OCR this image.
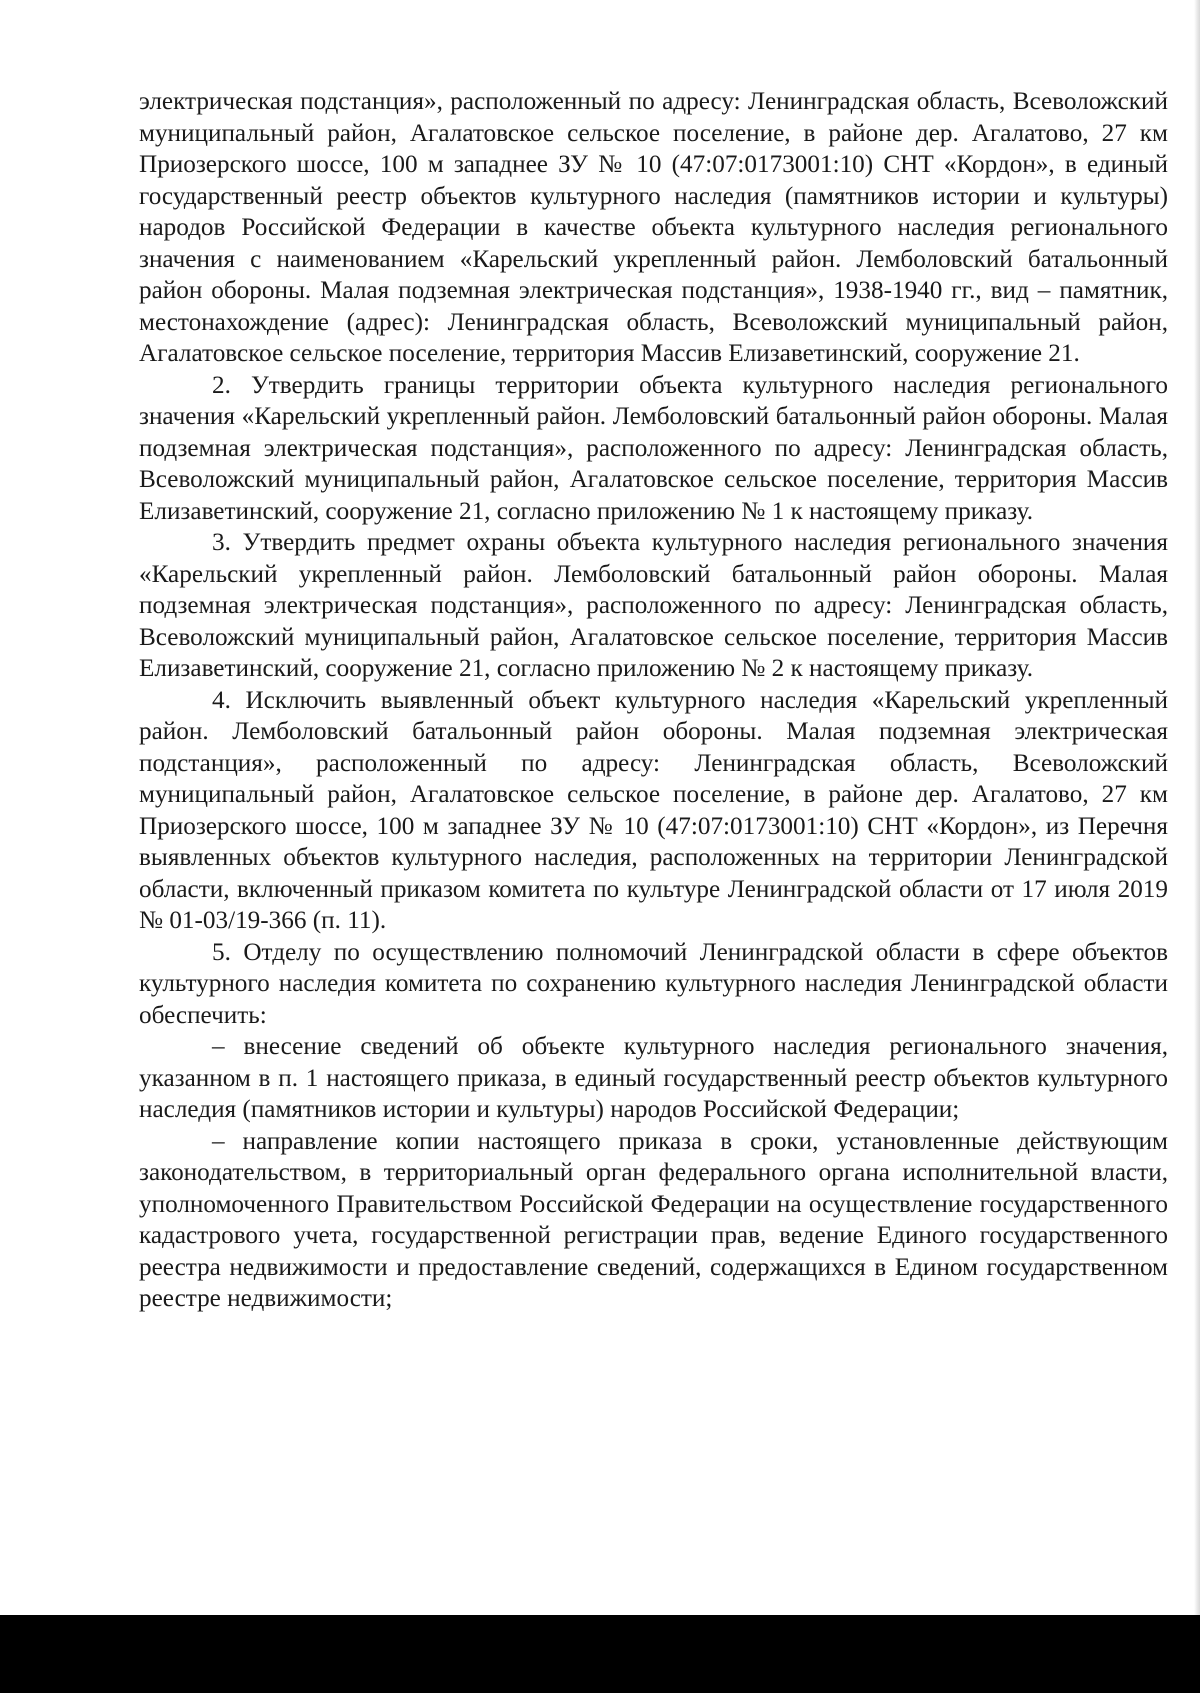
электрическая подстанция», расположенный по адресу: Ленинградская область, Всеволожский муниципальный район, Агалатовское сельское поселение, в районе дер. Агалатово, 27 км Приозерского шоссе, 100 м западнее ЗУ № 10 (47:07:0173001:10) СНТ «Кордон», в единый государственный реестр объектов культурного наследия (памятников истории и культуры) народов Российской Федерации в качестве объекта культурного наследия регионального значения с наименованием «Карельский укрепленный район. Лемболовский батальонный район обороны. Малая подземная электрическая подстанция», 1938-1940 гг., вид – памятник, местонахождение (адрес): Ленинградская область, Всеволожский муниципальный район, Агалатовское сельское поселение, территория Массив Елизаветинский, сооружение 21.

2. Утвердить границы территории объекта культурного наследия регионального значения «Карельский укрепленный район. Лемболовский батальонный район обороны. Малая подземная электрическая подстанция», расположенного по адресу: Ленинградская область, Всеволожский муниципальный район, Агалатовское сельское поселение, территория Массив Елизаветинский, сооружение 21, согласно приложению № 1 к настоящему приказу.

3. Утвердить предмет охраны объекта культурного наследия регионального значения «Карельский укрепленный район. Лемболовский батальонный район обороны. Малая подземная электрическая подстанция», расположенного по адресу: Ленинградская область, Всеволожский муниципальный район, Агалатовское сельское поселение, территория Массив Елизаветинский, сооружение 21, согласно приложению № 2 к настоящему приказу.

4. Исключить выявленный объект культурного наследия «Карельский укрепленный район. Лемболовский батальонный район обороны. Малая подземная электрическая подстанция», расположенный по адресу: Ленинградская область, Всеволожский муниципальный район, Агалатовское сельское поселение, в районе дер. Агалатово, 27 км Приозерского шоссе, 100 м западнее ЗУ № 10 (47:07:0173001:10) СНТ «Кордон», из Перечня выявленных объектов культурного наследия, расположенных на территории Ленинградской области, включенный приказом комитета по культуре Ленинградской области от 17 июля 2019 № 01-03/19-366 (п. 11).

5. Отделу по осуществлению полномочий Ленинградской области в сфере объектов культурного наследия комитета по сохранению культурного наследия Ленинградской области обеспечить:

– внесение сведений об объекте культурного наследия регионального значения, указанном в п. 1 настоящего приказа, в единый государственный реестр объектов культурного наследия (памятников истории и культуры) народов Российской Федерации;

– направление копии настоящего приказа в сроки, установленные действующим законодательством, в территориальный орган федерального органа исполнительной власти, уполномоченного Правительством Российской Федерации на осуществление государственного кадастрового учета, государственной регистрации прав, ведение Единого государственного реестра недвижимости и предоставление сведений, содержащихся в Едином государственном реестре недвижимости;
